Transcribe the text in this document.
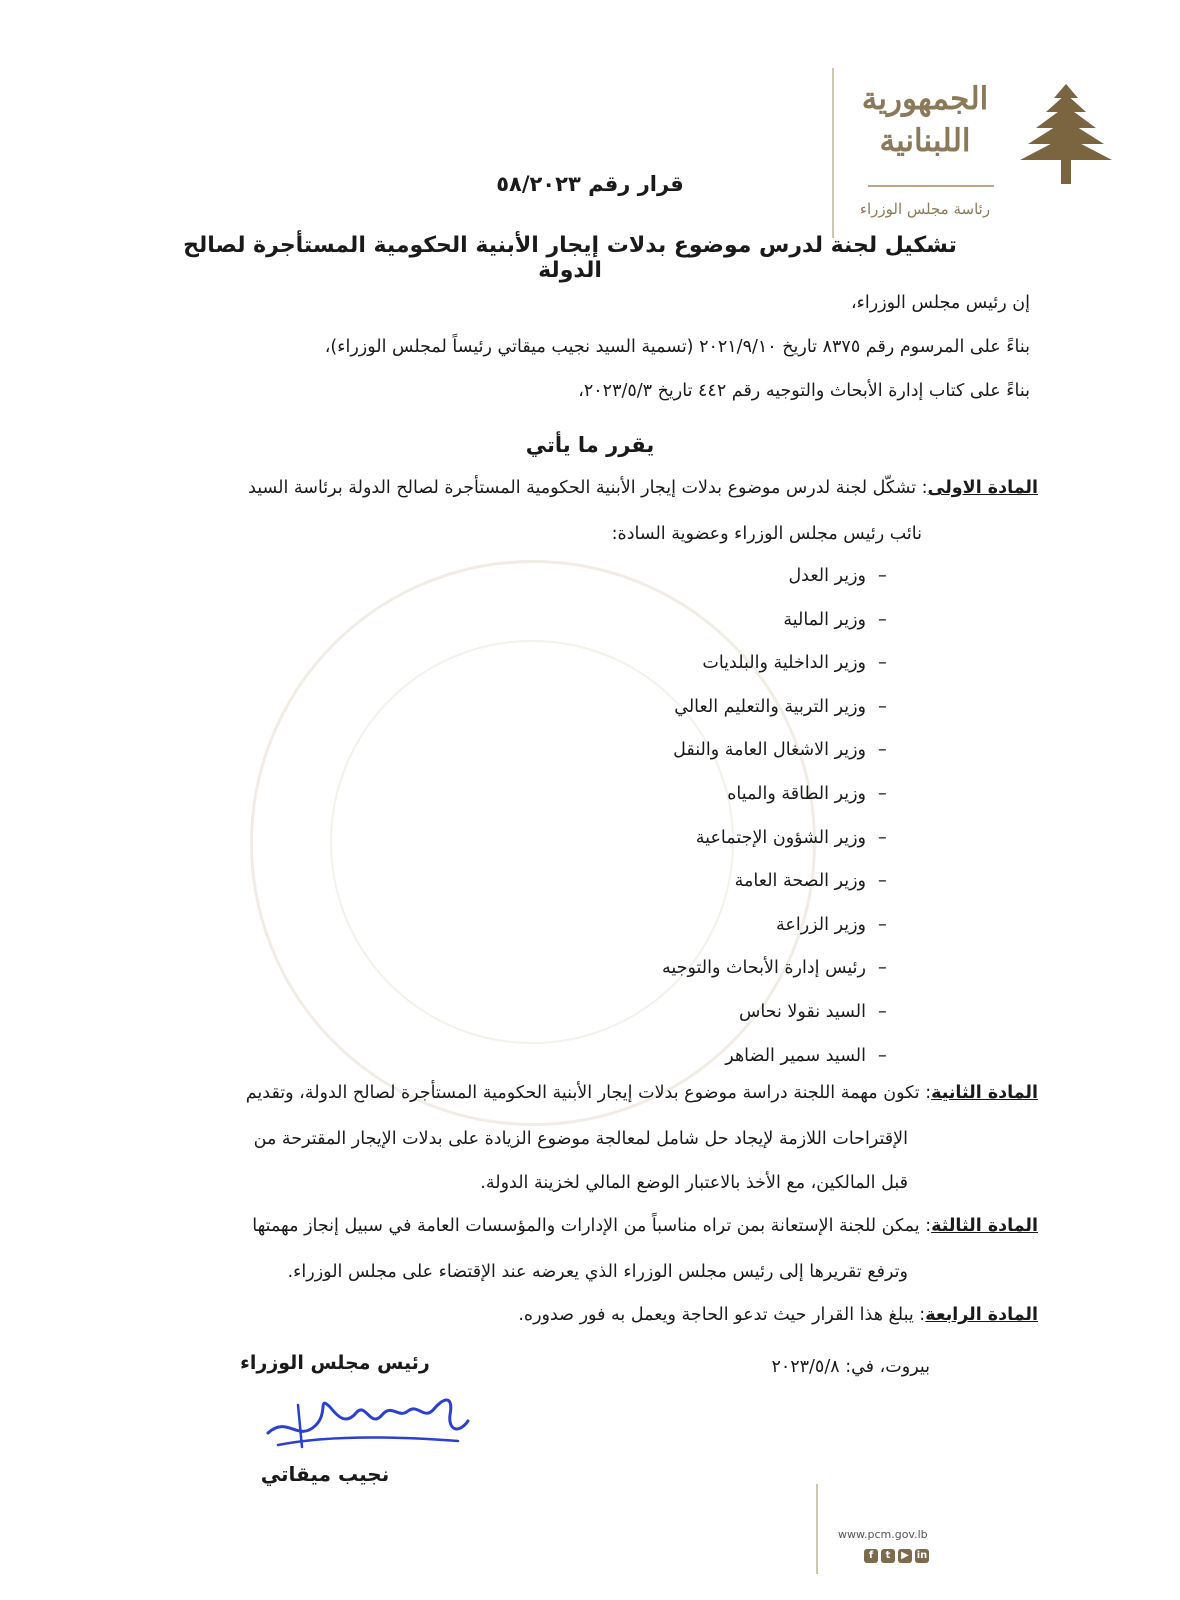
الجمهورية
اللبنانية
رئاسة مجلس الوزراء
قرار رقم ٥٨/٢٠٢٣
تشكيل لجنة لدرس موضوع بدلات إيجار الأبنية الحكومية المستأجرة لصالح الدولة
إن رئيس مجلس الوزراء،
بناءً على المرسوم رقم ٨٣٧٥ تاريخ ٢٠٢١/٩/١٠ (تسمية السيد نجيب ميقاتي رئيساً لمجلس الوزراء)،
بناءً على كتاب إدارة الأبحاث والتوجيه رقم ٤٤٢ تاريخ ٢٠٢٣/٥/٣،
يقرر ما يأتي
المادة الاولى: تشكّل لجنة لدرس موضوع بدلات إيجار الأبنية الحكومية المستأجرة لصالح الدولة برئاسة السيد
نائب رئيس مجلس الوزراء وعضوية السادة:
–
وزير العدل
–
وزير المالية
–
وزير الداخلية والبلديات
–
وزير التربية والتعليم العالي
–
وزير الاشغال العامة والنقل
–
وزير الطاقة والمياه
–
وزير الشؤون الإجتماعية
–
وزير الصحة العامة
–
وزير الزراعة
–
رئيس إدارة الأبحاث والتوجيه
–
السيد نقولا نحاس
–
السيد سمير الضاهر
المادة الثانية: تكون مهمة اللجنة دراسة موضوع بدلات إيجار الأبنية الحكومية المستأجرة لصالح الدولة، وتقديم
الإقتراحات اللازمة لإيجاد حل شامل لمعالجة موضوع الزيادة على بدلات الإيجار المقترحة من
قبل المالكين، مع الأخذ بالاعتبار الوضع المالي لخزينة الدولة.
المادة الثالثة: يمكن للجنة الإستعانة بمن تراه مناسباً من الإدارات والمؤسسات العامة في سبيل إنجاز مهمتها
وترفع تقريرها إلى رئيس مجلس الوزراء الذي يعرضه عند الإقتضاء على مجلس الوزراء.
المادة الرابعة: يبلغ هذا القرار حيث تدعو الحاجة ويعمل به فور صدوره.
بيروت، في: ٢٠٢٣/٥/٨
رئيس مجلس الوزراء
نجيب ميقاتي
www.pcm.gov.lb
f	t	▶ in
